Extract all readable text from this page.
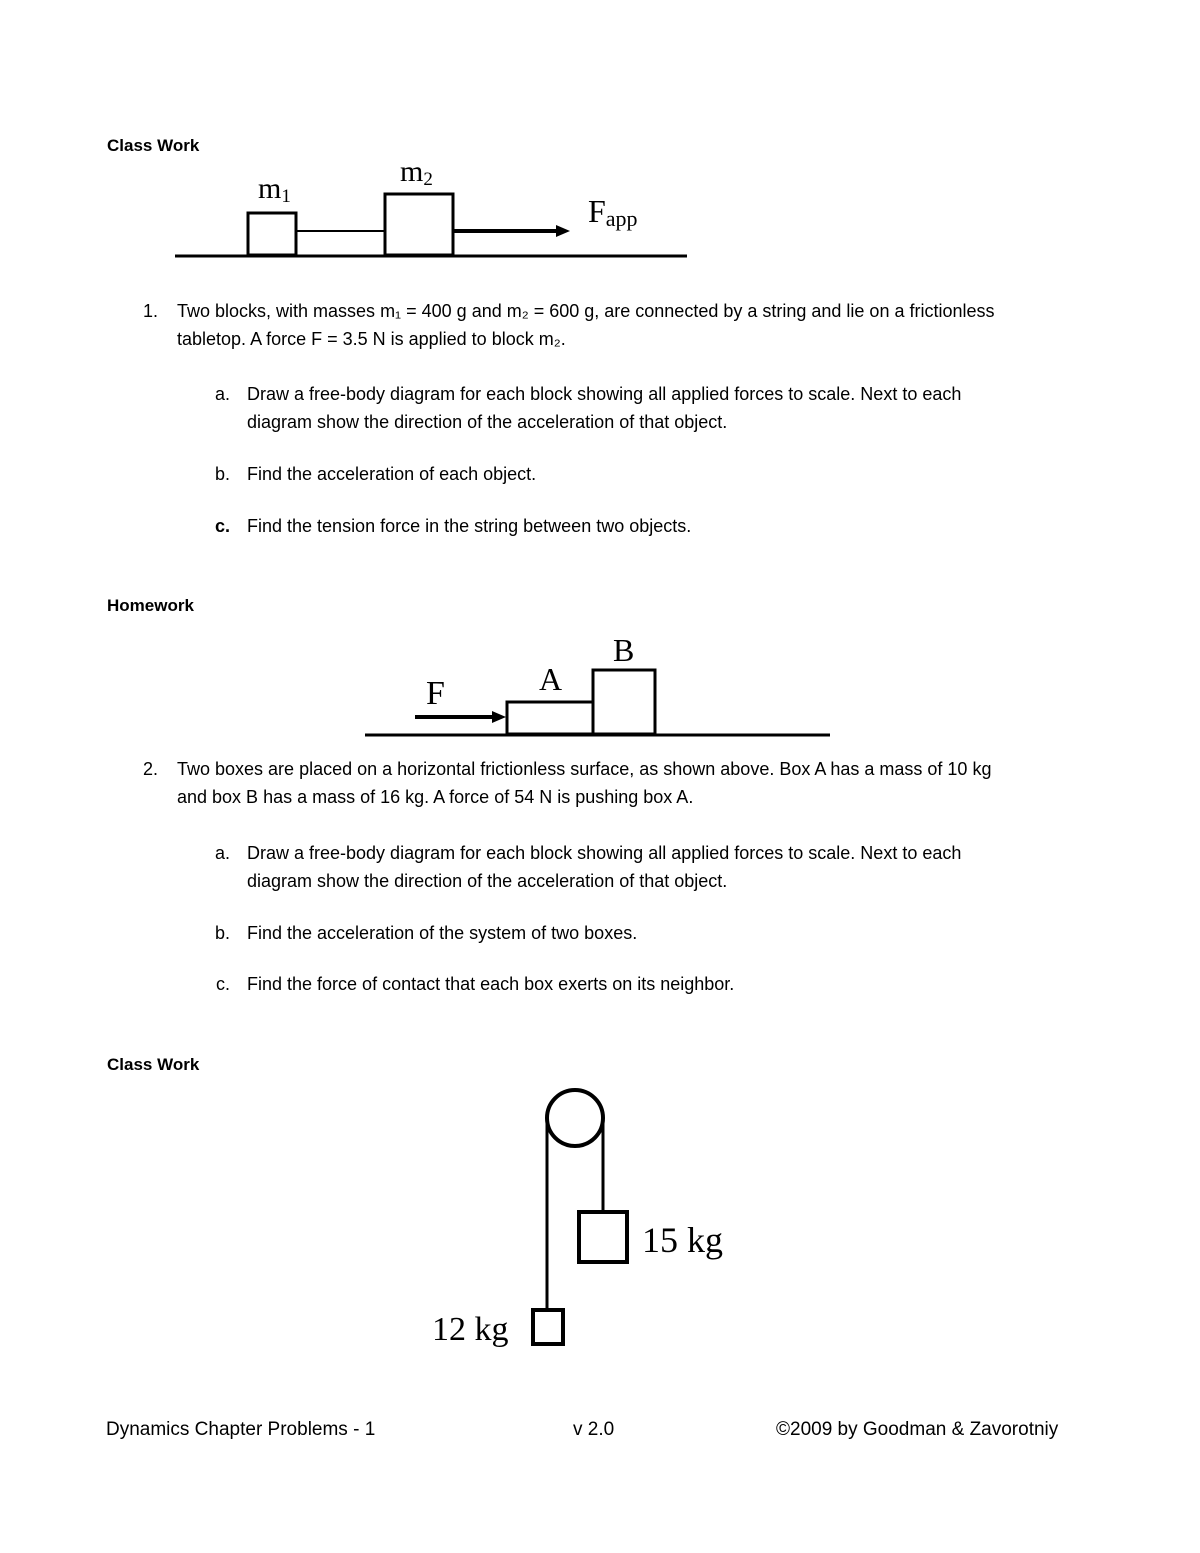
Class Work
m1
m2
Fapp
1. Two blocks, with masses m₁ = 400 g and m₂ = 600 g, are connected by a string and lie on a frictionless
tabletop. A force F = 3.5 N is applied to block m₂.
a. Draw a free-body diagram for each block showing all applied forces to scale. Next to each
diagram show the direction of the acceleration of that object.
b. Find the acceleration of each object.
c. Find the tension force in the string between two objects.
Homework
F	A
B
2. Two boxes are placed on a horizontal frictionless surface, as shown above. Box A has a mass of 10 kg
and box B has a mass of 16 kg. A force of 54 N is pushing box A.
a. Draw a free-body diagram for each block showing all applied forces to scale. Next to each
diagram show the direction of the acceleration of that object.
b. Find the acceleration of the system of two boxes.
c. Find the force of contact that each box exerts on its neighbor.
Class Work
15 kg
12 kg
Dynamics Chapter Problems - 1	v 2.0	©2009 by Goodman & Zavorotniy
